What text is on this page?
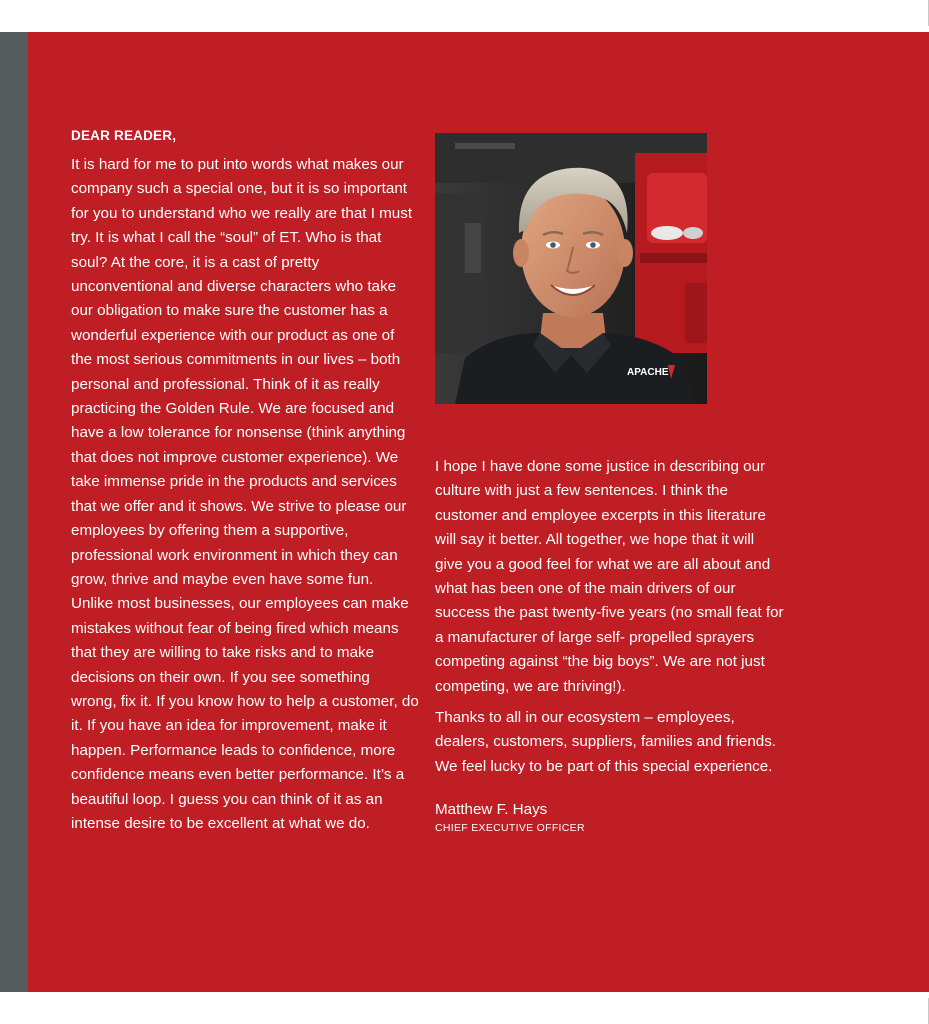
DEAR READER,

It is hard for me to put into words what makes our company such a special one, but it is so important for you to understand who we really are that I must try. It is what I call the “soul” of ET. Who is that soul? At the core, it is a cast of pretty unconventional and diverse characters who take our obligation to make sure the customer has a wonderful experience with our product as one of the most serious commitments in our lives – both personal and professional. Think of it as really practicing the Golden Rule. We are focused and have a low tolerance for nonsense (think anything that does not improve customer experience). We take immense pride in the products and services that we offer and it shows. We strive to please our employees by offering them a supportive, professional work environment in which they can grow, thrive and maybe even have some fun. Unlike most businesses, our employees can make mistakes without fear of being fired which means that they are willing to take risks and to make decisions on their own. If you see something wrong, fix it. If you know how to help a customer, do it. If you have an idea for improvement, make it happen. Performance leads to confidence, more confidence means even better performance. It’s a beautiful loop. I guess you can think of it as an intense desire to be excellent at what we do.

APACHE

I hope I have done some justice in describing our culture with just a few sentences. I think the customer and employee excerpts in this literature will say it better. All together, we hope that it will give you a good feel for what we are all about and what has been one of the main drivers of our success the past twenty-five years (no small feat for a manufacturer of large self- propelled sprayers competing against “the big boys”. We are not just competing, we are thriving!).

Thanks to all in our ecosystem – employees, dealers, customers, suppliers, families and friends. We feel lucky to be part of this special experience.

Matthew F. Hays
CHIEF EXECUTIVE OFFICER
